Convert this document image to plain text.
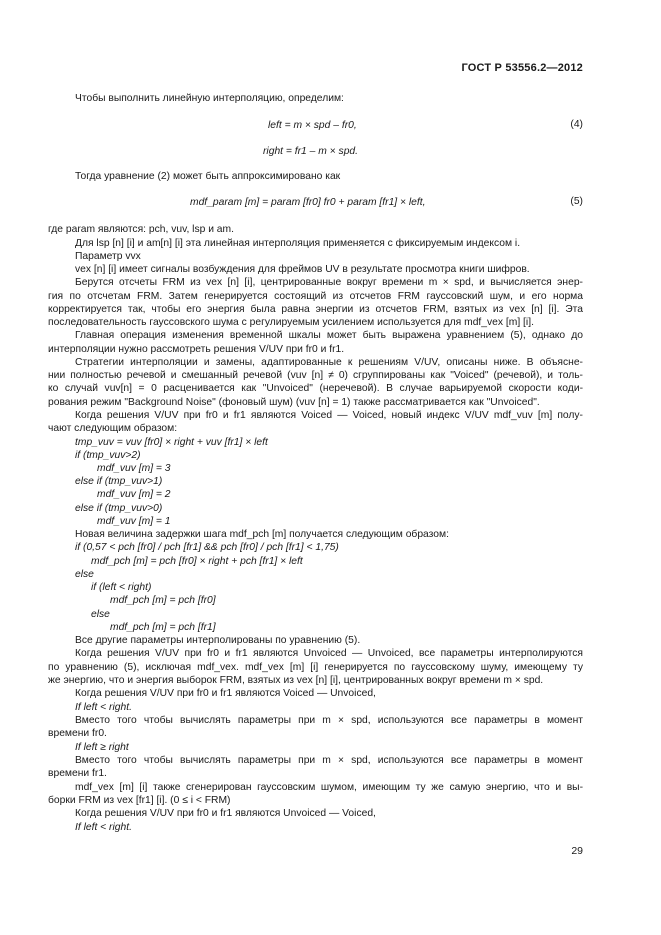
ГОСТ Р 53556.2—2012
Чтобы выполнить линейную интерполяцию, определим:
left = m × spd – fr0,	(4)
right = fr1 – m × spd.
Тогда уравнение (2) может быть аппроксимировано как
mdf_param [m] = param [fr0] fr0 + param [fr1] × left,	(5)
где param являются: pch, vuv, lsp и am.
Для lsp [n] [i] и am[n] [i] эта линейная интерполяция применяется с фиксируемым индексом i.
Параметр vvx
vex [n] [i] имеет сигналы возбуждения для фреймов UV в результате просмотра книги шифров.
Берутся отсчеты FRM из vex [n] [i], центрированные вокруг времени m × spd, и вычисляется энер-
гия по отсчетам FRM. Затем генерируется состоящий из отсчетов FRM гауссовский шум, и его норма
корректируется так, чтобы его энергия была равна энергии из отсчетов FRM, взятых из vex [n] [i]. Эта
последовательность гауссовского шума с регулируемым усилением используется для mdf_vex [m] [i].
Главная операция изменения временной шкалы может быть выражена уравнением (5), однако до
интерполяции нужно рассмотреть решения V/UV при fr0 и fr1.
Стратегии интерполяции и замены, адаптированные к решениям V/UV, описаны ниже. В объясне-
нии полностью речевой и смешанный речевой (vuv [n] ≠ 0) сгруппированы как "Voiced" (речевой), и толь-
ко случай vuv[n] = 0 расценивается как "Unvoiced" (неречевой). В случае варьируемой скорости коди-
рования режим "Background Noise" (фоновый шум) (vuv [n] = 1) также рассматривается как "Unvoiced".
Когда решения V/UV при fr0 и fr1 являются Voiced — Voiced, новый индекс V/UV mdf_vuv [m] полу-
чают следующим образом:
tmp_vuv = vuv [fr0] × right + vuv [fr1] × left
if (tmp_vuv>2)
mdf_vuv [m] = 3
else if (tmp_vuv>1)
mdf_vuv [m] = 2
else if (tmp_vuv>0)
mdf_vuv [m] = 1
Новая величина задержки шага mdf_pch [m] получается следующим образом:
if (0,57 < pch [fr0] / pch [fr1] && pch [fr0] / pch [fr1] < 1,75)
mdf_pch [m] = pch [fr0] × right + pch [fr1] × left
else
if (left < right)
mdf_pch [m] = pch [fr0]
else
mdf_pch [m] = pch [fr1]
Все другие параметры интерполированы по уравнению (5).
Когда решения V/UV при fr0 и fr1 являются Unvoiced — Unvoiced, все параметры интерполируются
по уравнению (5), исключая mdf_vex. mdf_vex [m] [i] генерируется по гауссовскому шуму, имеющему ту
же энергию, что и энергия выборок FRM, взятых из vex [n] [i], центрированных вокруг времени m × spd.
Когда решения V/UV при fr0 и fr1 являются Voiced — Unvoiced,
If left < right.
Вместо того чтобы вычислять параметры при m × spd, используются все параметры в момент
времени fr0.
If left ≥ right
Вместо того чтобы вычислять параметры при m × spd, используются все параметры в момент
времени fr1.
mdf_vex [m] [i] также сгенерирован гауссовским шумом, имеющим ту же самую энергию, что и вы-
борки FRM из vex [fr1] [i]. (0 ≤ i < FRM)
Когда решения V/UV при fr0 и fr1 являются Unvoiced — Voiced,
If left < right.
29
